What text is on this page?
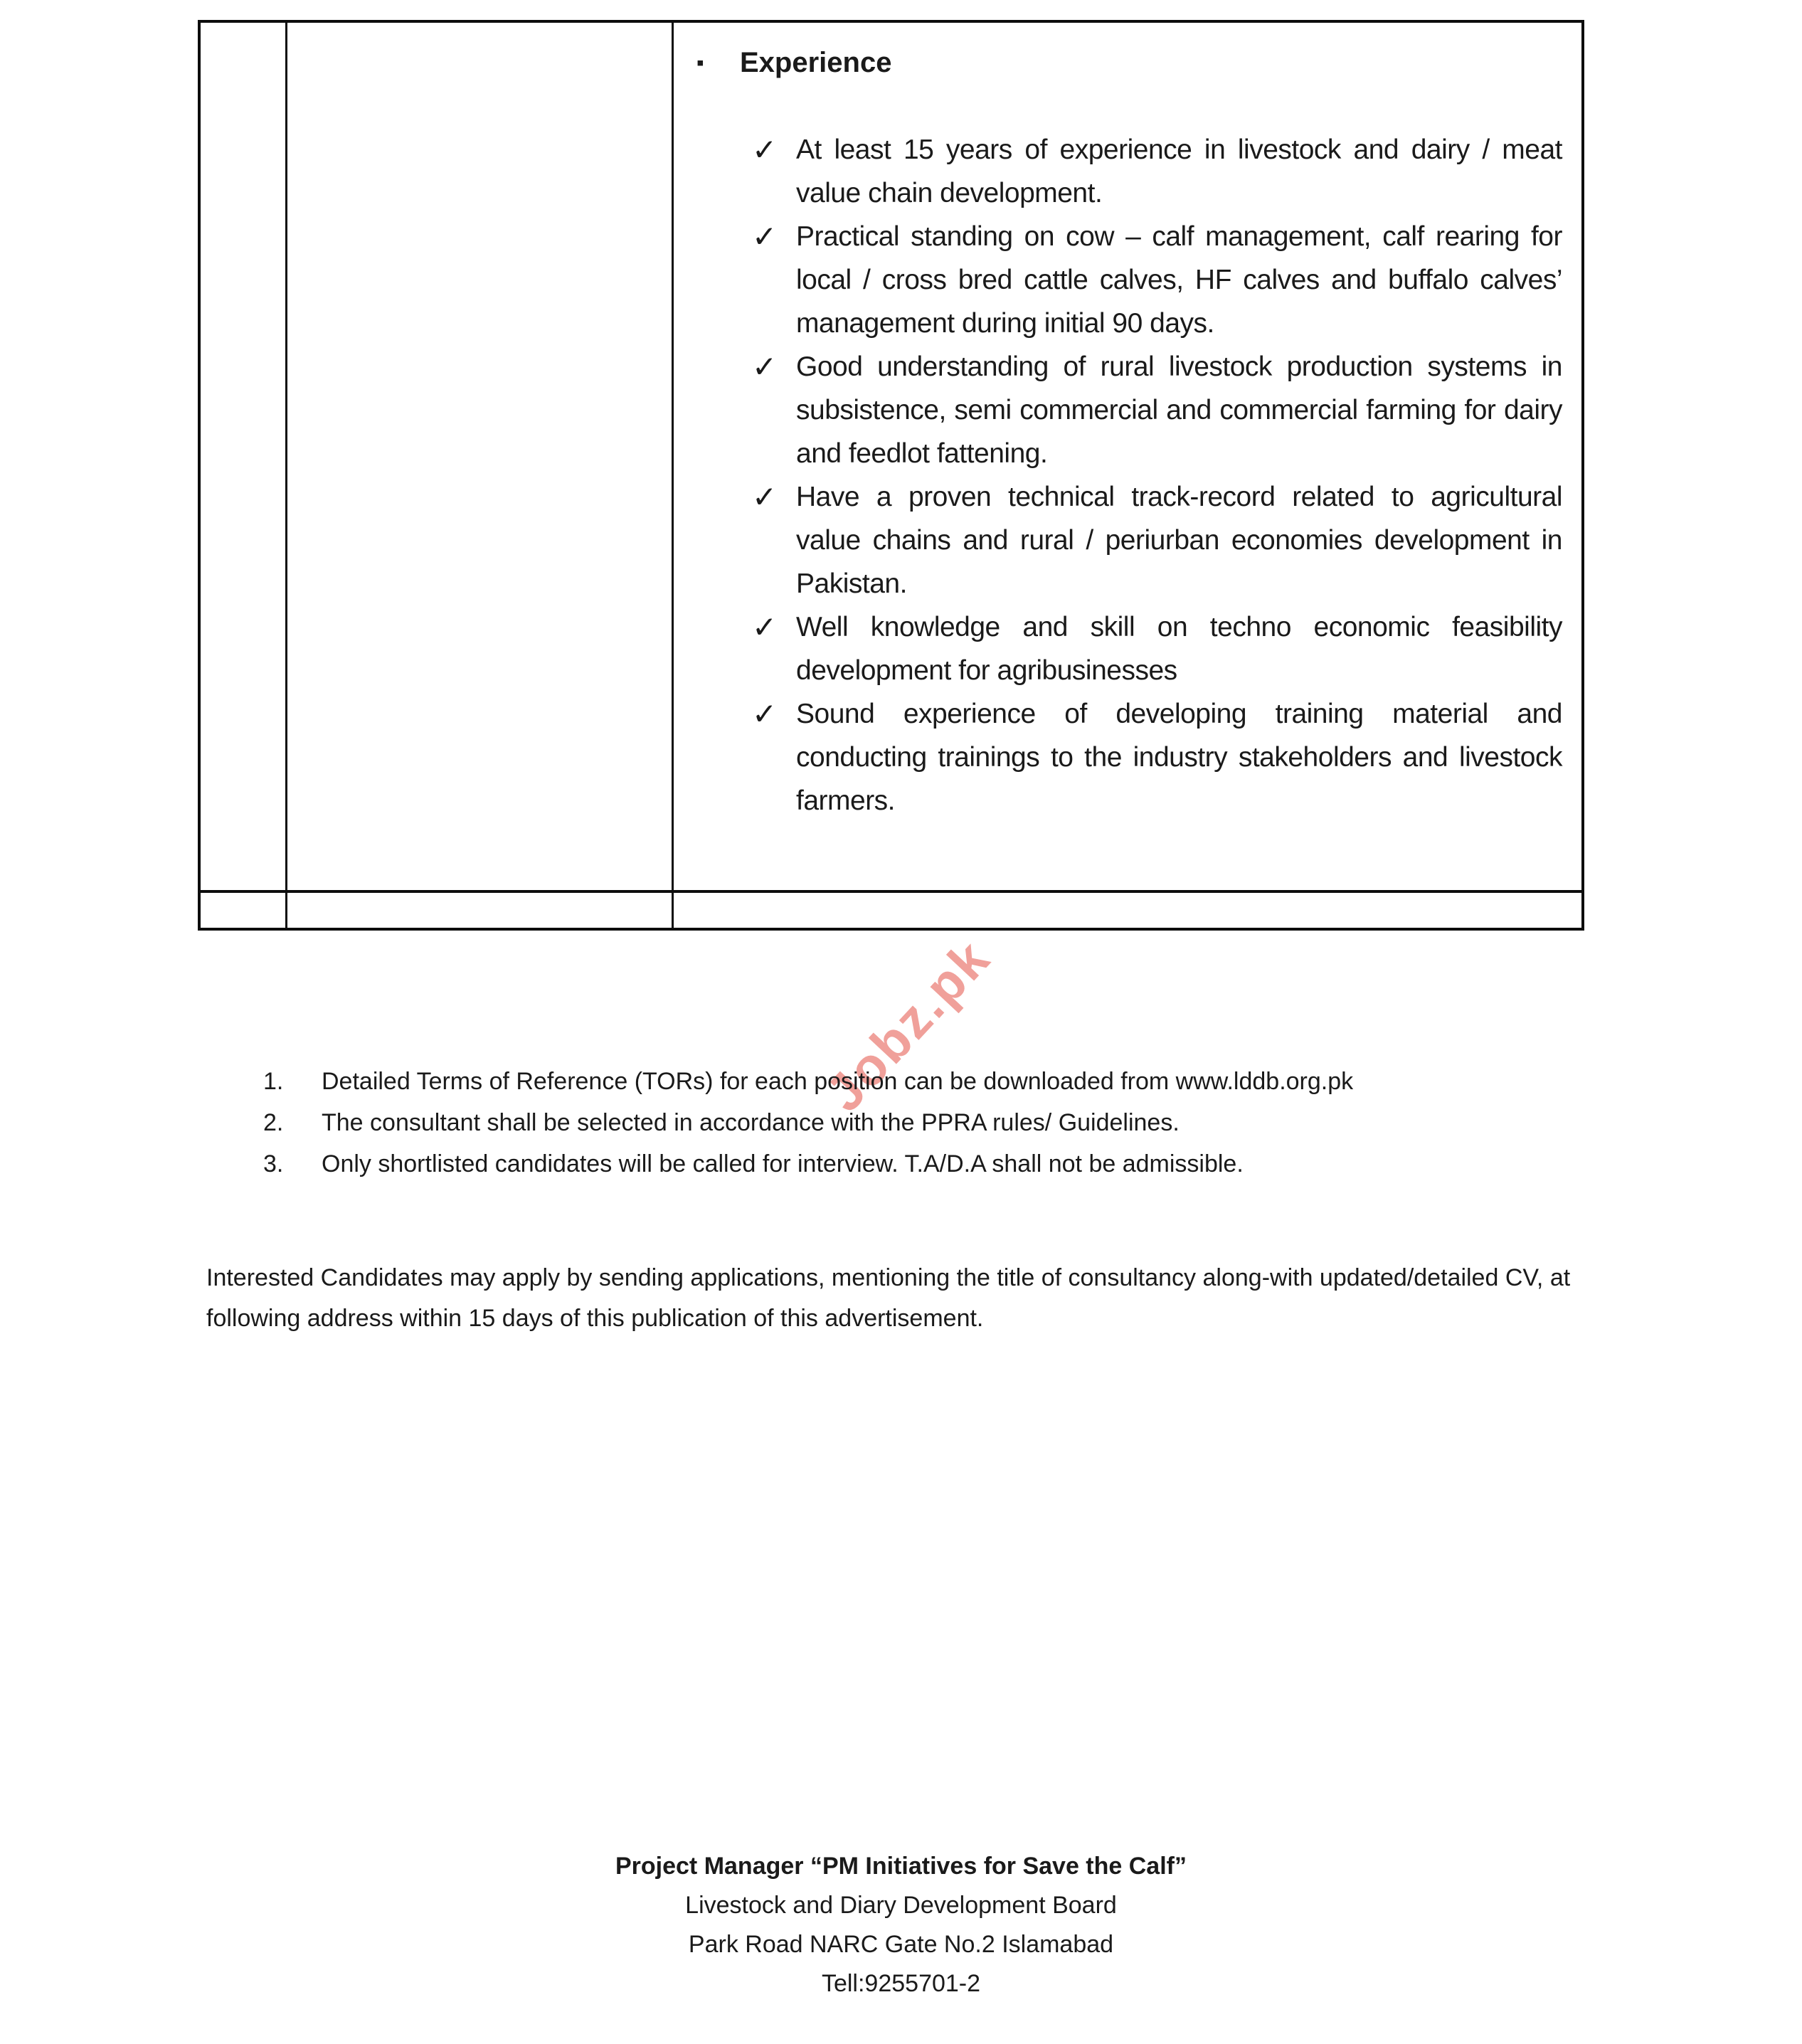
▪	Experience
✓ At least 15 years of experience in livestock and dairy / meat value chain development.
✓ Practical standing on cow – calf management, calf rearing for local / cross bred cattle calves, HF calves and buffalo calves’ management during initial 90 days.
✓ Good understanding of rural livestock production systems in subsistence, semi commercial and commercial farming for dairy and feedlot fattening.
✓ Have a proven technical track-record related to agricultural value chains and rural / periurban economies development in Pakistan.
✓ Well knowledge and skill on techno economic feasibility development for agribusinesses
✓ Sound experience of developing training material and conducting trainings to the industry stakeholders and livestock farmers.
Jobz.pk
1.	Detailed Terms of Reference (TORs) for each position can be downloaded from www.lddb.org.pk
2.	The consultant shall be selected in accordance with the PPRA rules/ Guidelines.
3.	Only shortlisted candidates will be called for interview. T.A/D.A shall not be admissible.
Interested Candidates may apply by sending applications, mentioning the title of consultancy along-with updated/detailed CV, at following address within 15 days of this publication of this advertisement.
Project Manager “PM Initiatives for Save the Calf”
Livestock and Diary Development Board
Park Road NARC Gate No.2 Islamabad
Tell:9255701-2
